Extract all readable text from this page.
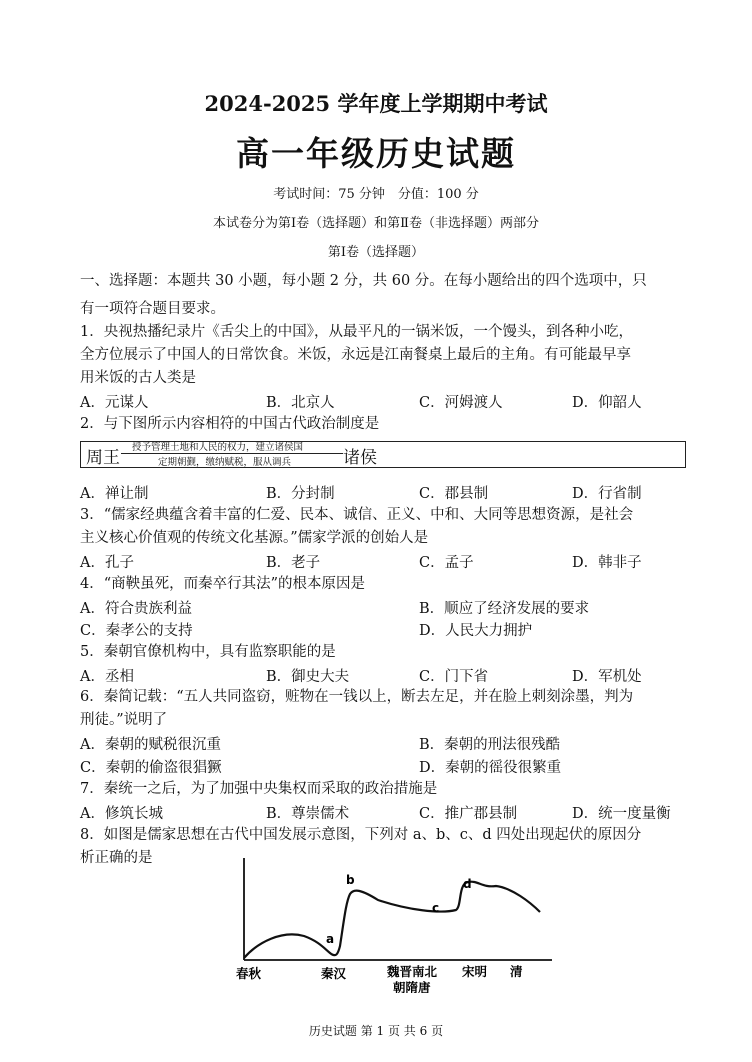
2024-2025 学年度上学期期中考试
高一年级历史试题
考试时间：75 分钟　分值：100 分
本试卷分为第Ⅰ卷（选择题）和第Ⅱ卷（非选择题）两部分
第Ⅰ卷（选择题）
一、选择题：本题共 30 小题，每小题 2 分，共 60 分。在每小题给出的四个选项中，只
有一项符合题目要求。
1．央视热播纪录片《舌尖上的中国》，从最平凡的一锅米饭，一个馒头，到各种小吃，
全方位展示了中国人的日常饮食。米饭，永远是江南餐桌上最后的主角。有可能最早享
用米饭的古人类是
A．元谋人	B．北京人	C．河姆渡人	D．仰韶人
2．与下图所示内容相符的中国古代政治制度是
周王
授予管理土地和人民的权力，建立诸侯国
定期朝觐，缴纳赋税，服从调兵	诸侯
A．禅让制	B．分封制	C．郡县制	D．行省制
3．“儒家经典蕴含着丰富的仁爱、民本、诚信、正义、中和、大同等思想资源，是社会
主义核心价值观的传统文化基源。”儒家学派的创始人是
A．孔子	B．老子	C．孟子	D．韩非子
4．“商鞅虽死，而秦卒行其法”的根本原因是
A．符合贵族利益	B．顺应了经济发展的要求
C．秦孝公的支持	D．人民大力拥护
5．秦朝官僚机构中，具有监察职能的是
A．丞相	B．御史大夫	C．门下省	D．军机处
6．秦简记载：“五人共同盗窃，赃物在一钱以上，断去左足，并在脸上刺刻涂墨，判为
刑徒。”说明了
A．秦朝的赋税很沉重	B．秦朝的刑法很残酷
C．秦朝的偷盗很猖獗	D．秦朝的徭役很繁重
7．秦统一之后，为了加强中央集权而采取的政治措施是
A．修筑长城	B．尊崇儒术	C．推广郡县制	D．统一度量衡
8．如图是儒家思想在古代中国发展示意图，下列对 a、b、c、d 四处出现起伏的原因分
析正确的是
a
b
c
d
春秋	秦汉	魏晋南北
朝隋唐
宋明 清
历史试题 第 1 页 共 6 页
